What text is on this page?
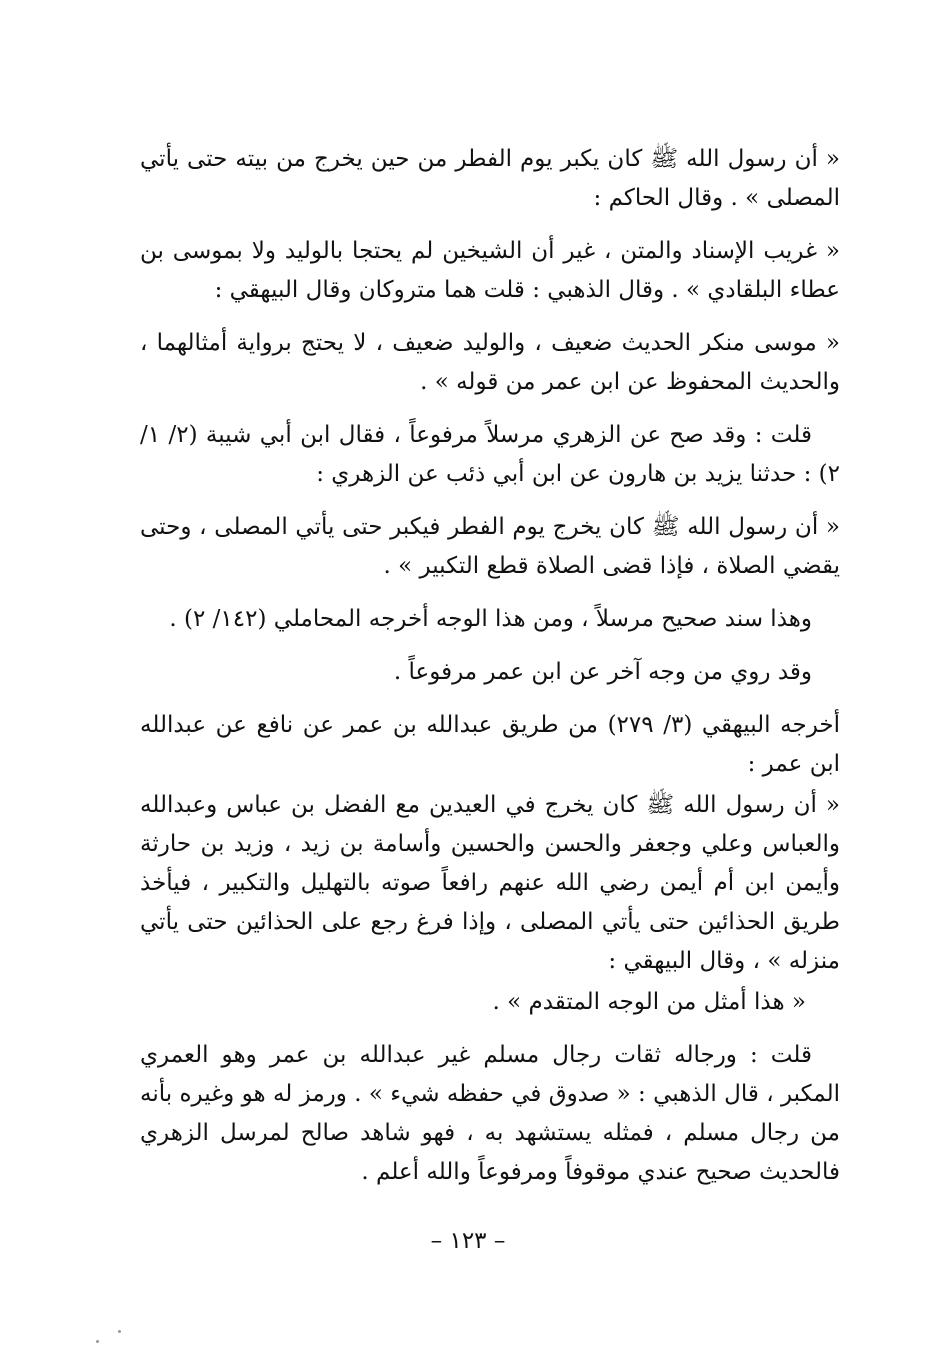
« أن رسول الله ﷺ كان يكبر يوم الفطر من حين يخرج من بيته حتى يأتي المصلى » . وقال الحاكم :

« غريب الإسناد والمتن ، غير أن الشيخين لم يحتجا بالوليد ولا بموسى بن عطاء البلقادي » . وقال الذهبي : قلت هما متروكان وقال البيهقي :

« موسى منكر الحديث ضعيف ، والوليد ضعيف ، لا يحتج برواية أمثالهما ، والحديث المحفوظ عن ابن عمر من قوله » .

قلت : وقد صح عن الزهري مرسلاً مرفوعاً ، فقال ابن أبي شيبة (٢/ ١/ ٢) : حدثنا يزيد بن هارون عن ابن أبي ذئب عن الزهري :

« أن رسول الله ﷺ كان يخرج يوم الفطر فيكبر حتى يأتي المصلى ، وحتى يقضي الصلاة ، فإذا قضى الصلاة قطع التكبير » .

وهذا سند صحيح مرسلاً ، ومن هذا الوجه أخرجه المحاملي (١٤٢/ ٢) .

وقد روي من وجه آخر عن ابن عمر مرفوعاً .

أخرجه البيهقي (٣/ ٢٧٩) من طريق عبدالله بن عمر عن نافع عن عبدالله ابن عمر :

« أن رسول الله ﷺ كان يخرج في العيدين مع الفضل بن عباس وعبدالله والعباس وعلي وجعفر والحسن والحسين وأسامة بن زيد ، وزيد بن حارثة وأيمن ابن أم أيمن رضي الله عنهم رافعاً صوته بالتهليل والتكبير ، فيأخذ طريق الحذائين حتى يأتي المصلى ، وإذا فرغ رجع على الحذائين حتى يأتي منزله » ، وقال البيهقي :

« هذا أمثل من الوجه المتقدم » .

قلت : ورجاله ثقات رجال مسلم غير عبدالله بن عمر وهو العمري المكبر ، قال الذهبي : « صدوق في حفظه شيء » . ورمز له هو وغيره بأنه من رجال مسلم ، فمثله يستشهد به ، فهو شاهد صالح لمرسل الزهري فالحديث صحيح عندي موقوفاً ومرفوعاً والله أعلم .

– ١٢٣ –
